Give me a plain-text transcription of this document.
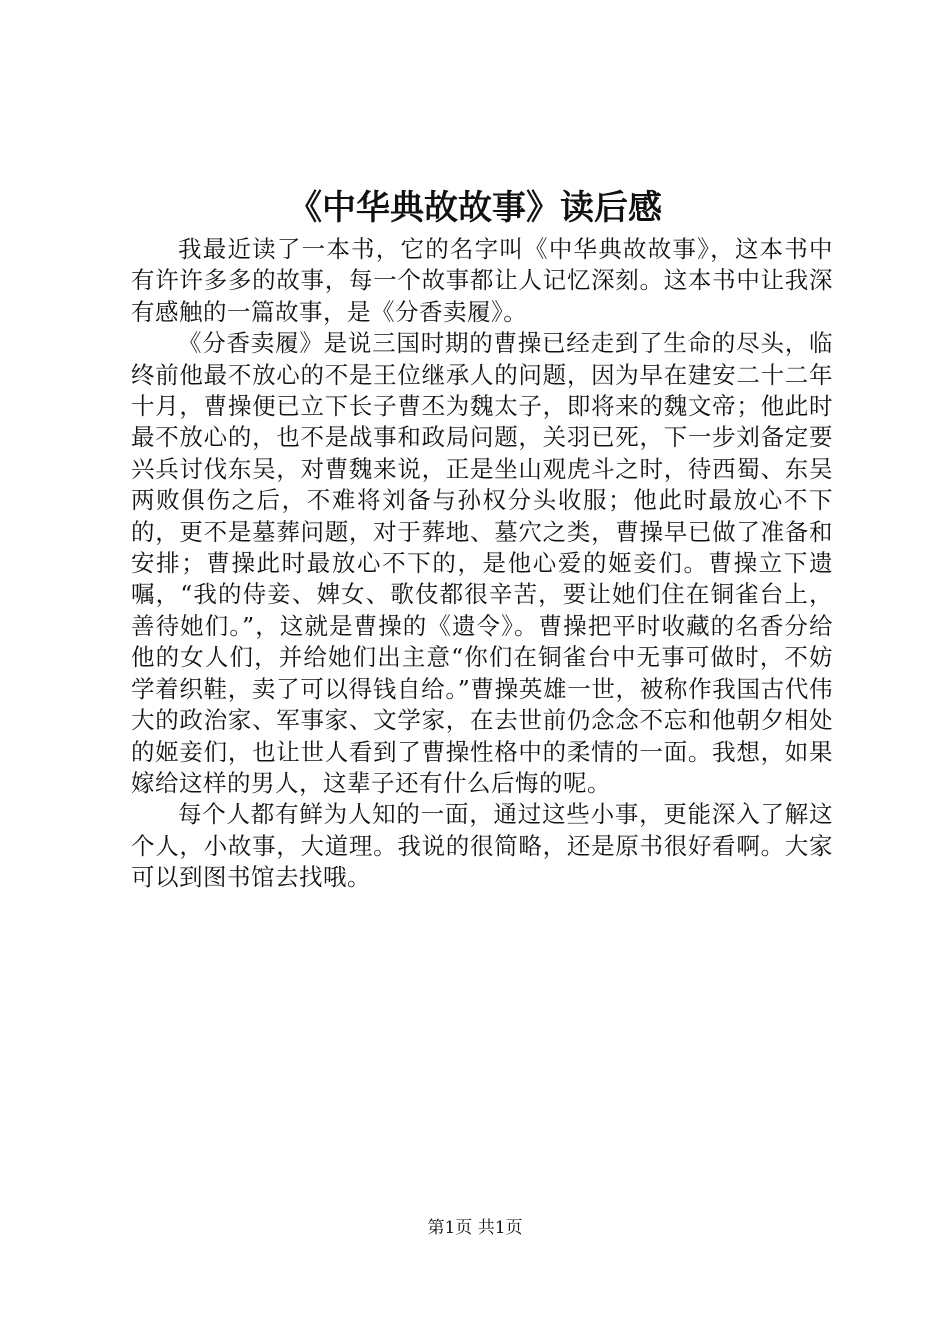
《中华典故故事》读后感

我最近读了一本书，它的名字叫《中华典故故事》，这本书中有许许多多的故事，每一个故事都让人记忆深刻。这本书中让我深有感触的一篇故事，是《分香卖履》。

《分香卖履》是说三国时期的曹操已经走到了生命的尽头，临终前他最不放心的不是王位继承人的问题，因为早在建安二十二年十月，曹操便已立下长子曹丕为魏太子，即将来的魏文帝；他此时最不放心的，也不是战事和政局问题，关羽已死，下一步刘备定要兴兵讨伐东吴，对曹魏来说，正是坐山观虎斗之时，待西蜀、东吴两败俱伤之后，不难将刘备与孙权分头收服；他此时最放心不下的，更不是墓葬问题，对于葬地、墓穴之类，曹操早已做了准备和安排；曹操此时最放心不下的，是他心爱的姬妾们。曹操立下遗嘱，“我的侍妾、婢女、歌伎都很辛苦，要让她们住在铜雀台上，善待她们。”，这就是曹操的《遗令》。曹操把平时收藏的名香分给他的女人们，并给她们出主意“你们在铜雀台中无事可做时，不妨学着织鞋，卖了可以得钱自给。”曹操英雄一世，被称作我国古代伟大的政治家、军事家、文学家，在去世前仍念念不忘和他朝夕相处的姬妾们，也让世人看到了曹操性格中的柔情的一面。我想，如果嫁给这样的男人，这辈子还有什么后悔的呢。

每个人都有鲜为人知的一面，通过这些小事，更能深入了解这个人，小故事，大道理。我说的很简略，还是原书很好看啊。大家可以到图书馆去找哦。

第1页 共1页
